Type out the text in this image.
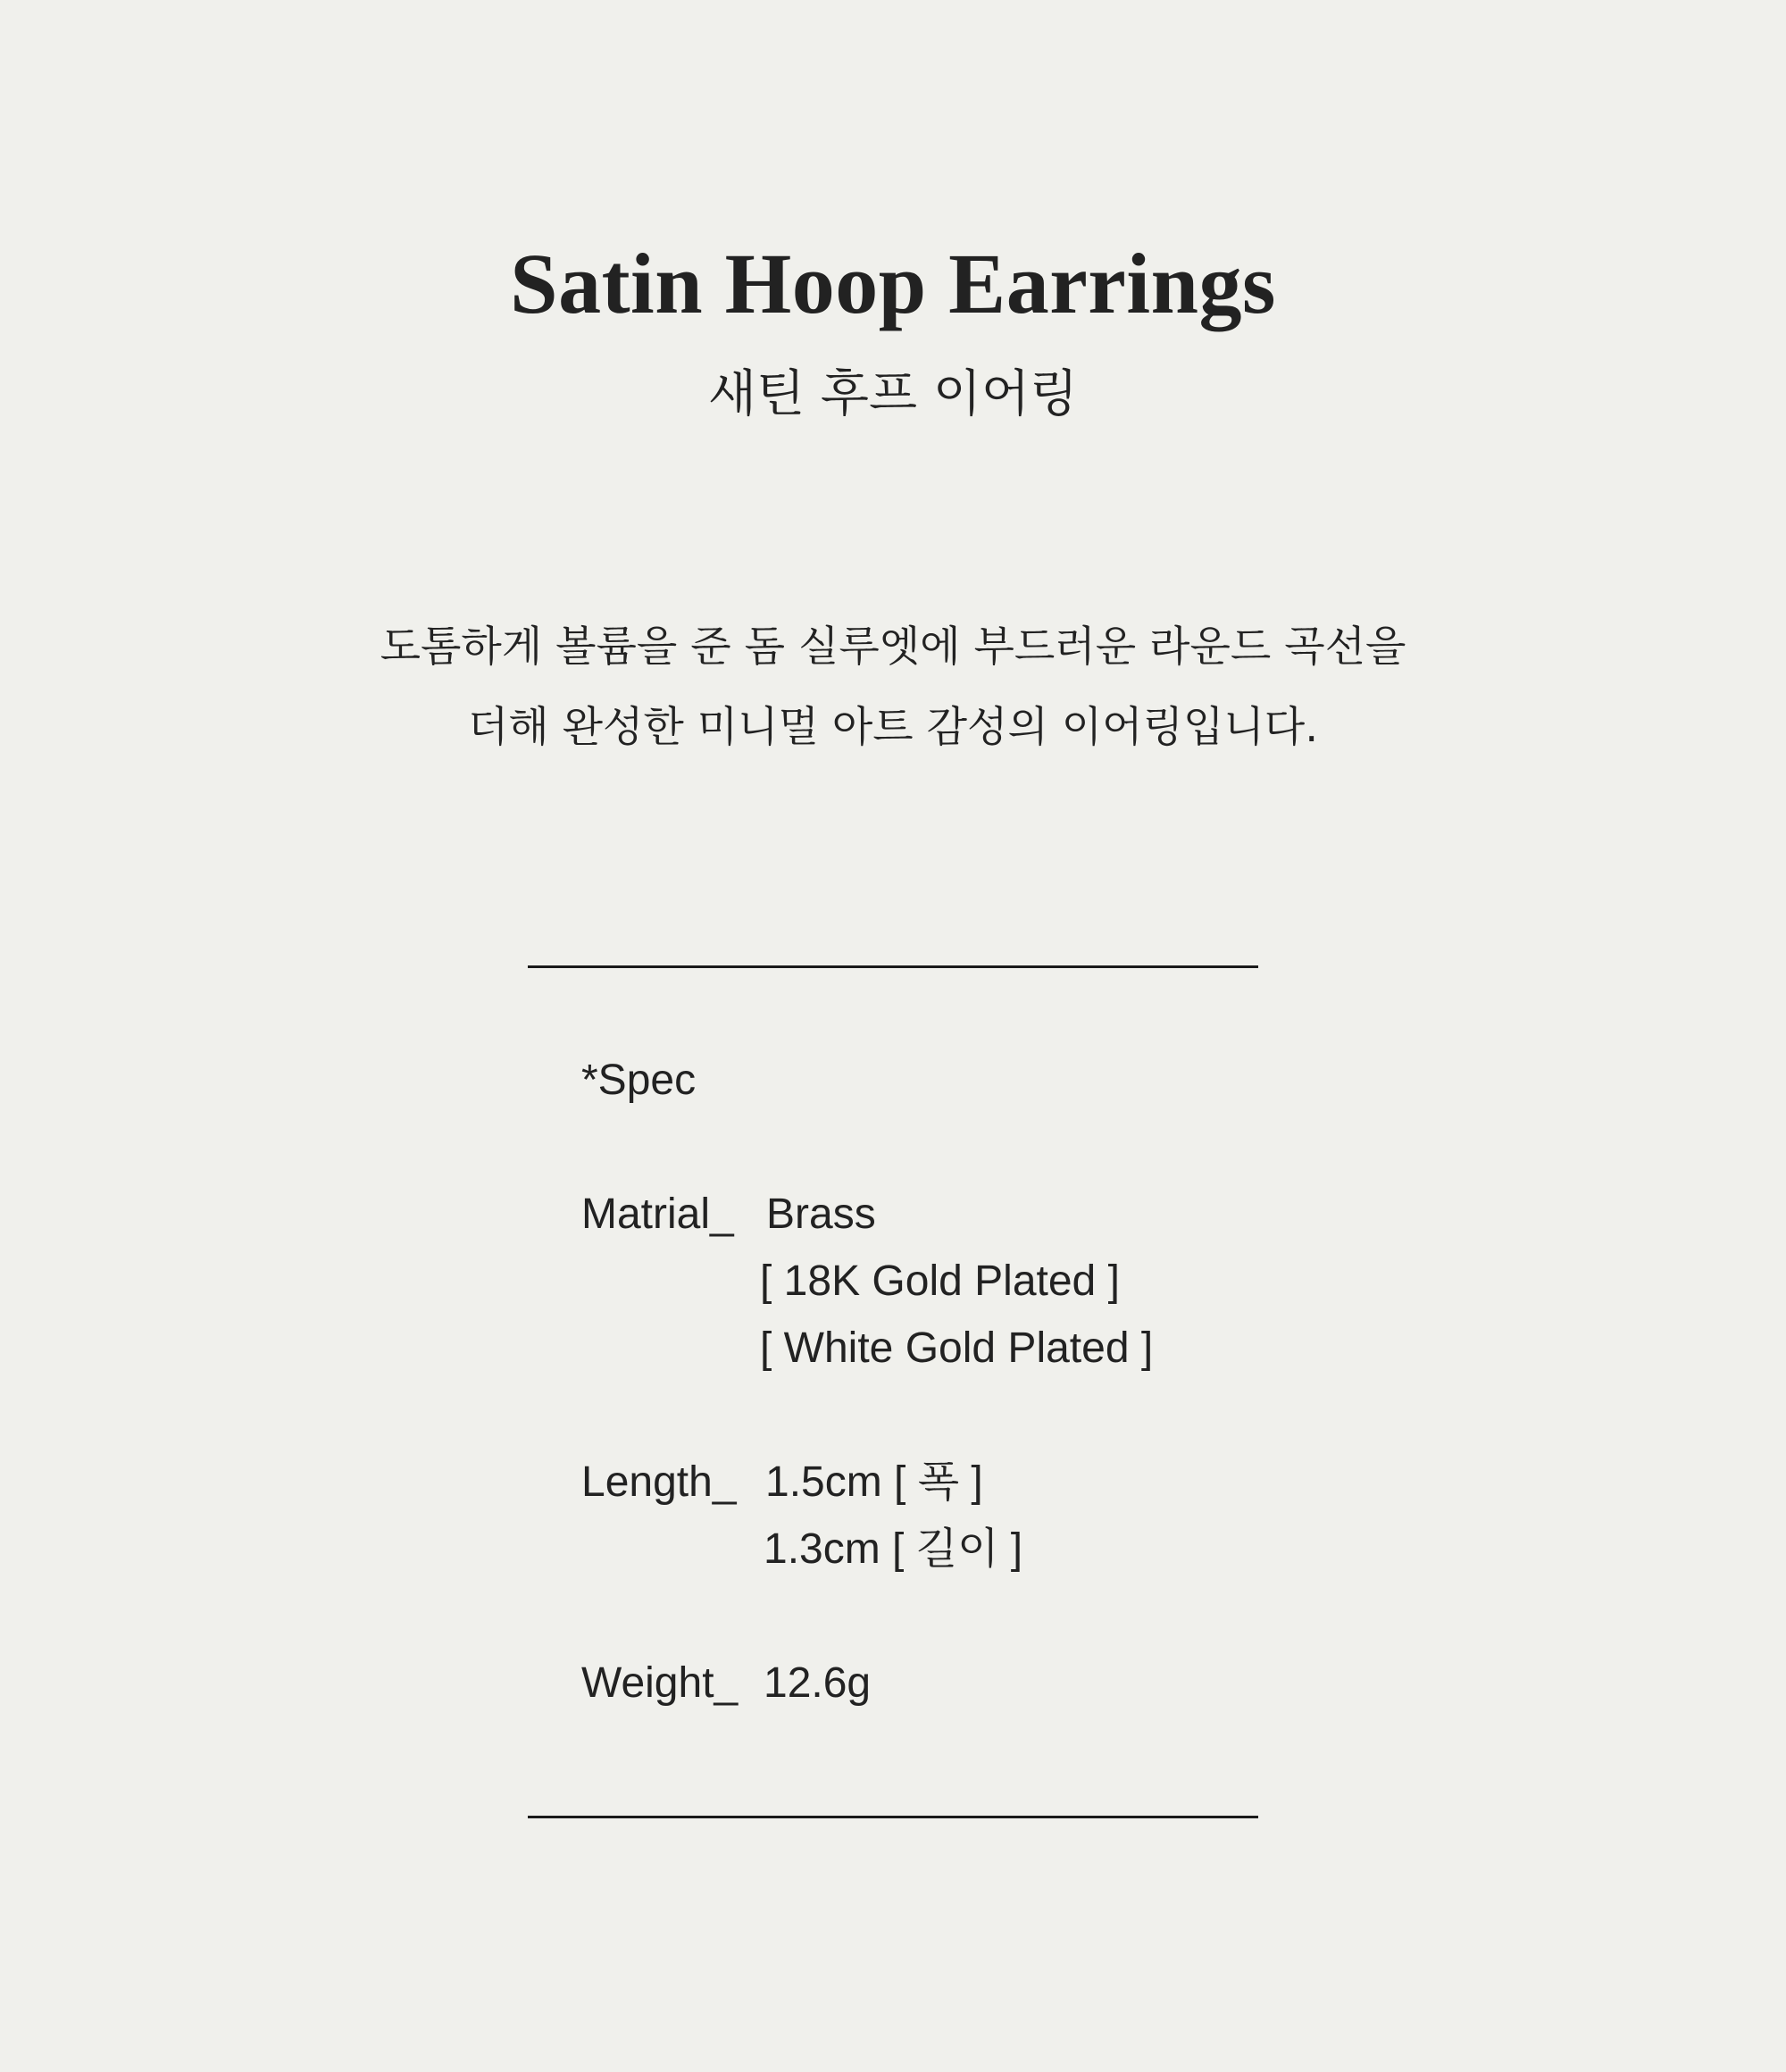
Satin Hoop Earrings
새틴 후프 이어링
도톰하게 볼륨을 준 돔 실루엣에 부드러운 라운드 곡선을
더해 완성한 미니멀 아트 감성의 이어링입니다.
*Spec
Matrial_ Brass
[ 18K Gold Plated ]
[ White Gold Plated ]
Length_ 1.5cm [ 폭 ]
1.3cm [ 길이 ]
Weight_ 12.6g
